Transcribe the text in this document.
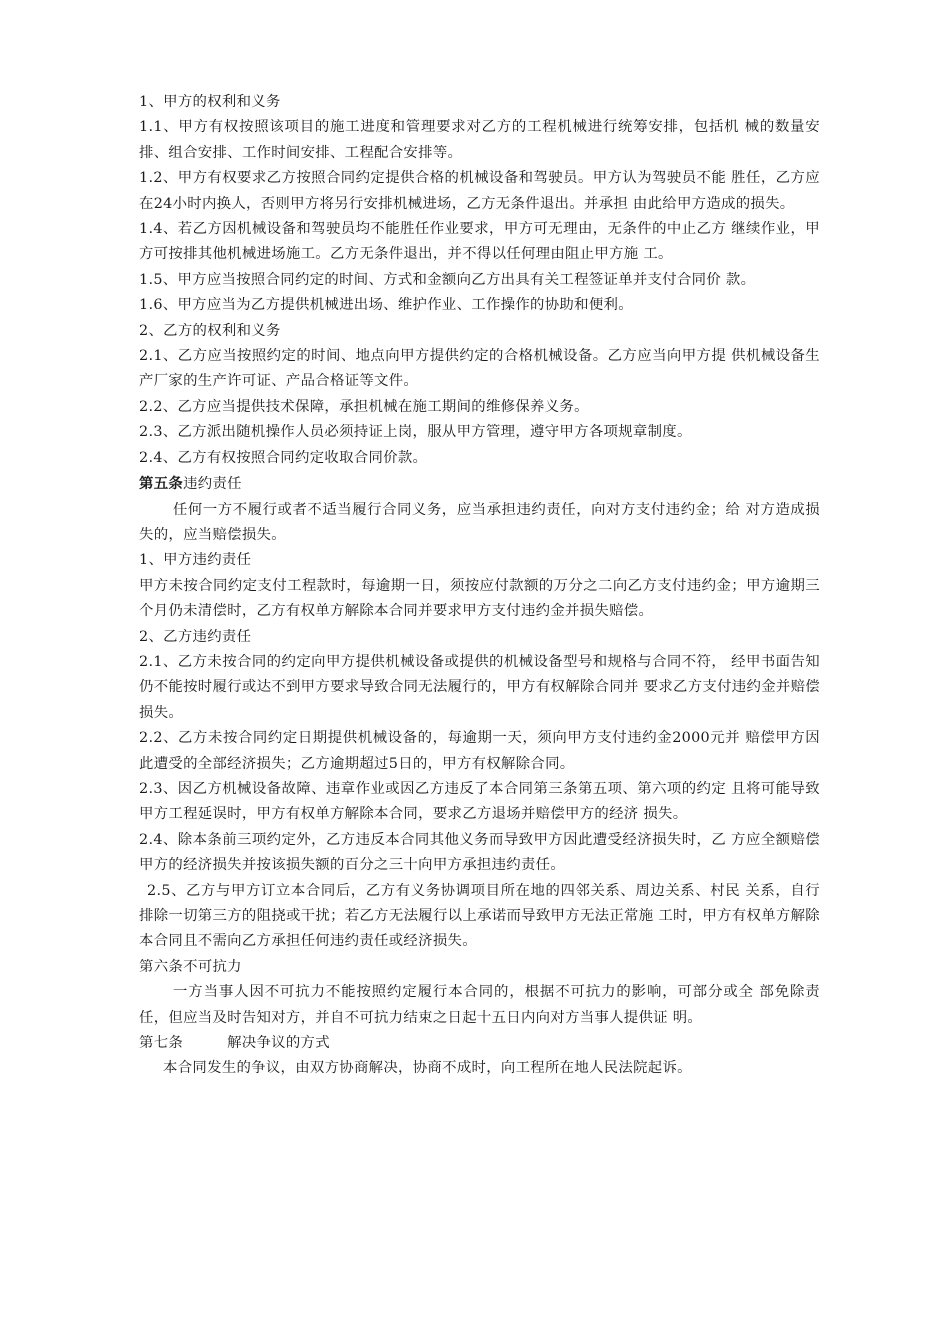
1、甲方的权利和义务

1.1、甲方有权按照该项目的施工进度和管理要求对乙方的工程机械进行统筹安排，包括机 械的数量安排、组合安排、工作时间安排、工程配合安排等。

1.2、甲方有权要求乙方按照合同约定提供合格的机械设备和驾驶员。甲方认为驾驶员不能 胜任，乙方应在24小时内换人，否则甲方将另行安排机械进场，乙方无条件退出。并承担 由此给甲方造成的损失。

1.4、若乙方因机械设备和驾驶员均不能胜任作业要求，甲方可无理由，无条件的中止乙方 继续作业，甲方可按排其他机械进场施工。乙方无条件退出，并不得以任何理由阻止甲方施 工。

1.5、甲方应当按照合同约定的时间、方式和金额向乙方出具有关工程签证单并支付合同价 款。

1.6、甲方应当为乙方提供机械进出场、维护作业、工作操作的协助和便利。

2、乙方的权利和义务

2.1、乙方应当按照约定的时间、地点向甲方提供约定的合格机械设备。乙方应当向甲方提 供机械设备生产厂家的生产许可证、产品合格证等文件。

2.2、乙方应当提供技术保障，承担机械在施工期间的维修保养义务。

2.3、乙方派出随机操作人员必须持证上岗，服从甲方管理，遵守甲方各项规章制度。

2.4、乙方有权按照合同约定收取合同价款。

第五条违约责任

任何一方不履行或者不适当履行合同义务，应当承担违约责任，向对方支付违约金；给 对方造成损失的，应当赔偿损失。

1、甲方违约责任

甲方未按合同约定支付工程款时，每逾期一日，须按应付款额的万分之二向乙方支付违约金；甲方逾期三个月仍未清偿时，乙方有权单方解除本合同并要求甲方支付违约金并损失赔偿。

2、乙方违约责任

2.1、乙方未按合同的约定向甲方提供机械设备或提供的机械设备型号和规格与合同不符， 经甲书面告知仍不能按时履行或达不到甲方要求导致合同无法履行的，甲方有权解除合同并 要求乙方支付违约金并赔偿损失。

2.2、乙方未按合同约定日期提供机械设备的，每逾期一天，须向甲方支付违约金2000元并 赔偿甲方因此遭受的全部经济损失；乙方逾期超过5日的，甲方有权解除合同。

2.3、因乙方机械设备故障、违章作业或因乙方违反了本合同第三条第五项、第六项的约定 且将可能导致甲方工程延误时，甲方有权单方解除本合同，要求乙方退场并赔偿甲方的经济 损失。

2.4、除本条前三项约定外，乙方违反本合同其他义务而导致甲方因此遭受经济损失时，乙 方应全额赔偿甲方的经济损失并按该损失额的百分之三十向甲方承担违约责任。

2.5、乙方与甲方订立本合同后，乙方有义务协调项目所在地的四邻关系、周边关系、村民 关系，自行排除一切第三方的阻挠或干扰；若乙方无法履行以上承诺而导致甲方无法正常施 工时，甲方有权单方解除本合同且不需向乙方承担任何违约责任或经济损失。

第六条不可抗力

一方当事人因不可抗力不能按照约定履行本合同的，根据不可抗力的影响，可部分或全 部免除责任，但应当及时告知对方，并自不可抗力结束之日起十五日内向对方当事人提供证 明。

第七条	解决争议的方式

本合同发生的争议，由双方协商解决，协商不成时，向工程所在地人民法院起诉。
